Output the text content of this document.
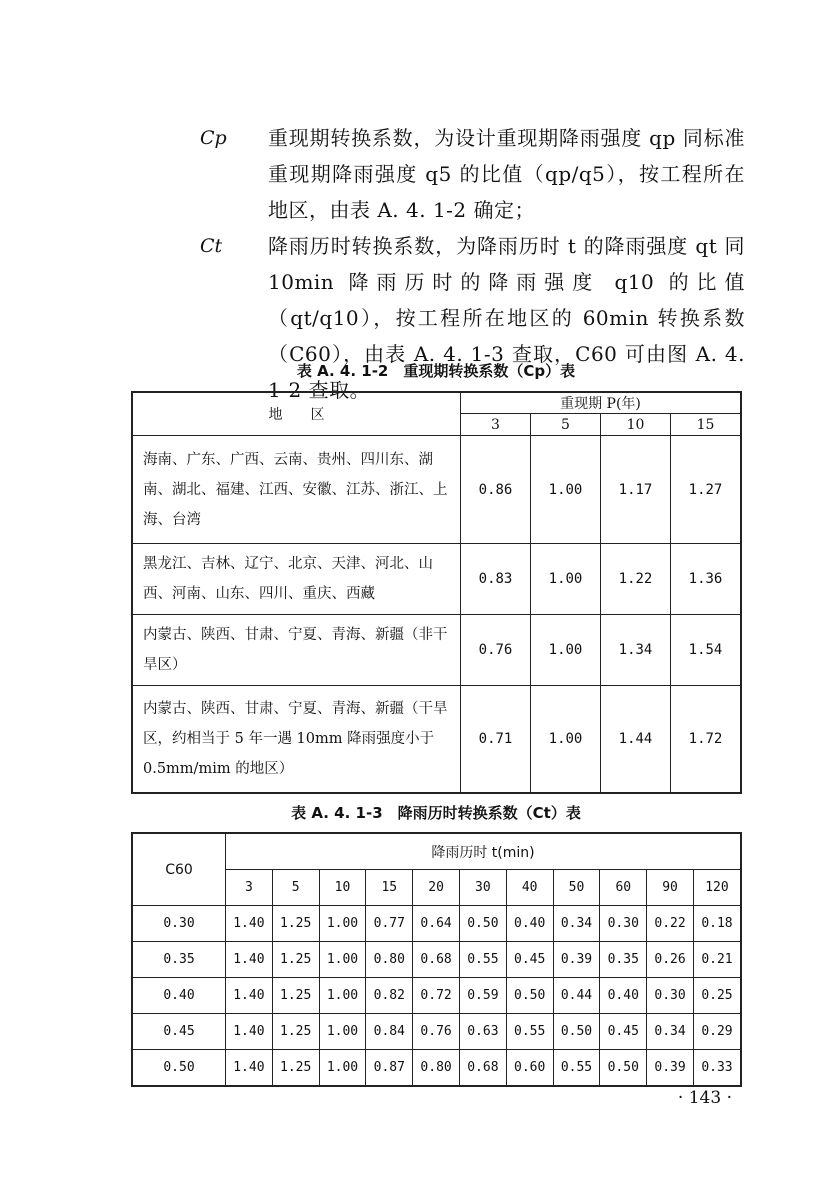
Cp	重现期转换系数，为设计重现期降雨强度 qp 同标准重现期降雨强度 q5 的比值（qp/q5），按工程所在地区，由表 A. 4. 1-2 确定；
Ct	降雨历时转换系数，为降雨历时 t 的降雨强度 qt 同 10min 降雨历时的降雨强度 q10 的比值（qt/q10），按工程所在地区的 60min 转换系数（C60），由表 A. 4. 1-3 查取，C60 可由图 A. 4. 1-2 查取。
表 A. 4. 1-2　重现期转换系数（Cp）表
地　　区	重现期 P(年)			
	3	5	10	15
海南、广东、广西、云南、贵州、四川东、湖南、湖北、福建、江西、安徽、江苏、浙江、上海、台湾	0.86	1.00	1.17	1.27
黑龙江、吉林、辽宁、北京、天津、河北、山西、河南、山东、四川、重庆、西藏	0.83	1.00	1.22	1.36
内蒙古、陕西、甘肃、宁夏、青海、新疆（非干旱区）	0.76	1.00	1.34	1.54
内蒙古、陕西、甘肃、宁夏、青海、新疆（干旱区，约相当于 5 年一遇 10mm 降雨强度小于 0.5mm/mim 的地区）	0.71	1.00	1.44	1.72
表 A. 4. 1-3　降雨历时转换系数（Ct）表
C60	降雨历时 t(min)										
	3	5	10	15	20	30	40	50	60	90	120
0.30	1.40	1.25	1.00	0.77	0.64	0.50	0.40	0.34	0.30	0.22	0.18
0.35	1.40	1.25	1.00	0.80	0.68	0.55	0.45	0.39	0.35	0.26	0.21
0.40	1.40	1.25	1.00	0.82	0.72	0.59	0.50	0.44	0.40	0.30	0.25
0.45	1.40	1.25	1.00	0.84	0.76	0.63	0.55	0.50	0.45	0.34	0.29
0.50	1.40	1.25	1.00	0.87	0.80	0.68	0.60	0.55	0.50	0.39	0.33
· 143 ·
